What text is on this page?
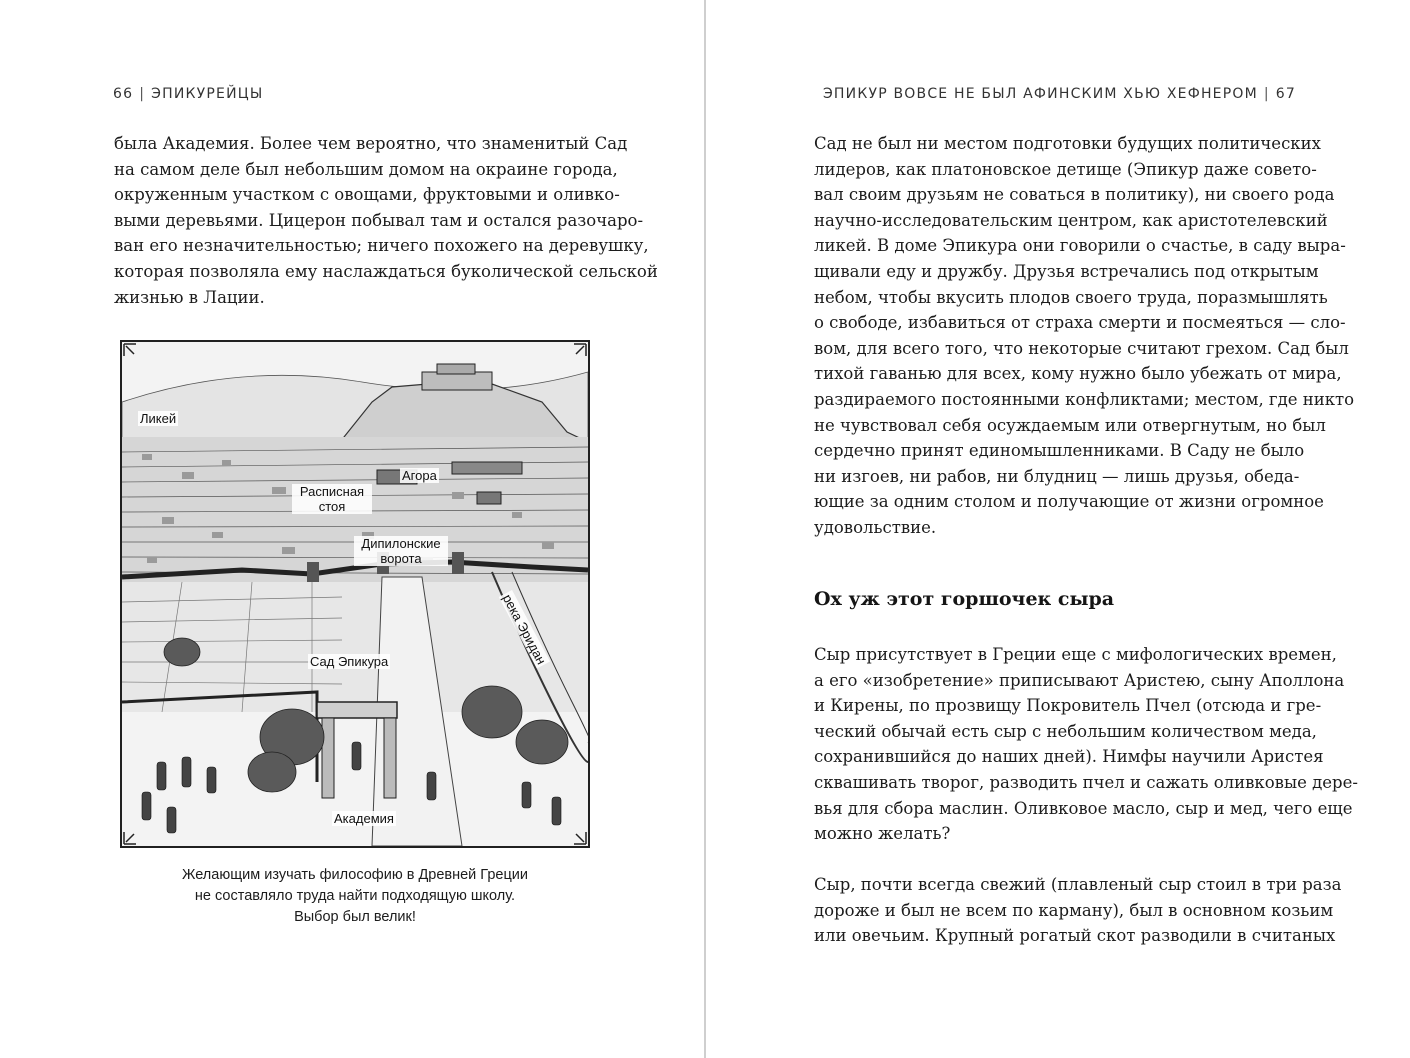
66 | ЭПИКУРЕЙЦЫ
была Академия. Более чем вероятно, что знаменитый Сад
на самом деле был небольшим домом на окраине города,
окруженным участком с овощами, фруктовыми и оливко-
выми деревьями. Цицерон побывал там и остался разочаро-
ван его незначительностью; ничего похожего на деревушку,
которая позволяла ему наслаждаться буколической сельской
жизнью в Лации.
Ликей
Агора
Расписная стоя
Дипилонские ворота
река Эридан
Сад Эпикура
Академия
Желающим изучать философию в Древней Греции
не составляло труда найти подходящую школу.
Выбор был велик!
ЭПИКУР ВОВСЕ НЕ БЫЛ АФИНСКИМ ХЬЮ ХЕФНЕРОМ | 67
Сад не был ни местом подготовки будущих политических
лидеров, как платоновское детище (Эпикур даже совето-
вал своим друзьям не соваться в политику), ни своего рода
научно-исследовательским центром, как аристотелевский
ликей. В доме Эпикура они говорили о счастье, в саду выра-
щивали еду и дружбу. Друзья встречались под открытым
небом, чтобы вкусить плодов своего труда, поразмышлять
о свободе, избавиться от страха смерти и посмеяться — сло-
вом, для всего того, что некоторые считают грехом. Сад был
тихой гаванью для всех, кому нужно было убежать от мира,
раздираемого постоянными конфликтами; местом, где никто
не чувствовал себя осуждаемым или отвергнутым, но был
сердечно принят единомышленниками. В Саду не было
ни изгоев, ни рабов, ни блудниц — лишь друзья, обеда-
ющие за одним столом и получающие от жизни огромное
удовольствие.
Ох уж этот горшочек сыра
Сыр присутствует в Греции еще с мифологических времен,
а его «изобретение» приписывают Аристею, сыну Аполлона
и Кирены, по прозвищу Покровитель Пчел (отсюда и гре-
ческий обычай есть сыр с небольшим количеством меда,
сохранившийся до наших дней). Нимфы научили Аристея
сквашивать творог, разводить пчел и сажать оливковые дере-
вья для сбора маслин. Оливковое масло, сыр и мед, чего еще
можно желать?
Сыр, почти всегда свежий (плавленый сыр стоил в три раза
дороже и был не всем по карману), был в основном козьим
или овечьим. Крупный рогатый скот разводили в считаных
